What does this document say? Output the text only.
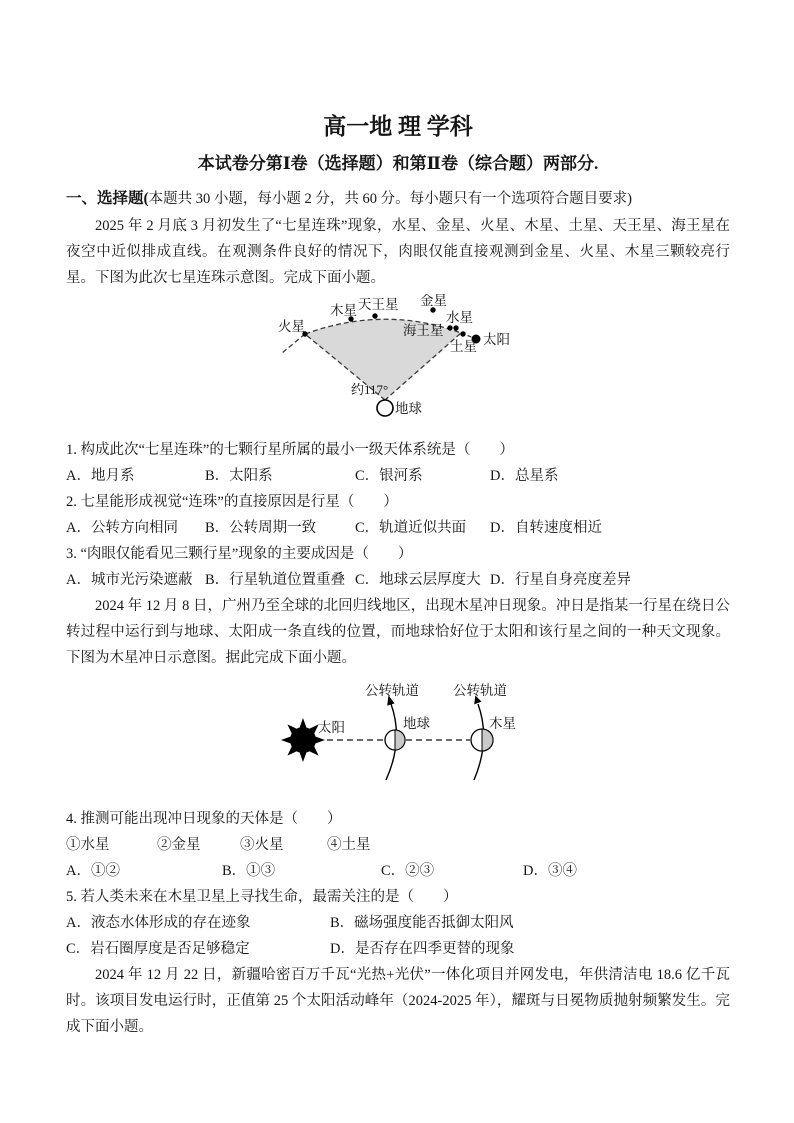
高一地 理 学科
本试卷分第Ⅰ卷（选择题）和第Ⅱ卷（综合题）两部分.
一、选择题(本题共 30 小题，每小题 2 分，共 60 分。每小题只有一个选项符合题目要求)

2025 年 2 月底 3 月初发生了“七星连珠”现象，水星、金星、火星、木星、土星、天王星、海王星在夜空中近似排成直线。在观测条件良好的情况下，肉眼仅能直接观测到金星、火星、木星三颗较亮行星。下图为此次七星连珠示意图。完成下面小题。

火星
木星 天王星 金星
水星
海王星
土星 太阳
约117°
地球

1. 构成此次“七星连珠”的七颗行星所属的最小一级天体系统是（　　）

A．地月系	B．太阳系	C．银河系	D．总星系

2. 七星能形成视觉“连珠”的直接原因是行星（　　）

A．公转方向相同	B．公转周期一致	C．轨道近似共面	D．自转速度相近

3. “肉眼仅能看见三颗行星”现象的主要成因是（　　）

A．城市光污染遮蔽 B．行星轨道位置重叠 C．地球云层厚度大 D．行星自身亮度差异

2024 年 12 月 8 日，广州乃至全球的北回归线地区，出现木星冲日现象。冲日是指某一行星在绕日公转过程中运行到与地球、太阳成一条直线的位置，而地球恰好位于太阳和该行星之间的一种天文现象。下图为木星冲日示意图。据此完成下面小题。

太阳
公转轨道
地球
公转轨道
木星

4. 推测可能出现冲日现象的天体是（　　）

①水星	②金星	③火星	④土星
A．①②	B．①③	C．②③	D．③④

5. 若人类未来在木星卫星上寻找生命，最需关注的是（　　）

A．液态水体形成的存在迹象	B．磁场强度能否抵御太阳风
C．岩石圈厚度是否足够稳定	D．是否存在四季更替的现象

2024 年 12 月 22 日，新疆哈密百万千瓦“光热+光伏”一体化项目并网发电，年供清洁电 18.6 亿千瓦时。该项目发电运行时，正值第 25 个太阳活动峰年（2024-2025 年），耀斑与日冕物质抛射频繁发生。完成下面小题。
